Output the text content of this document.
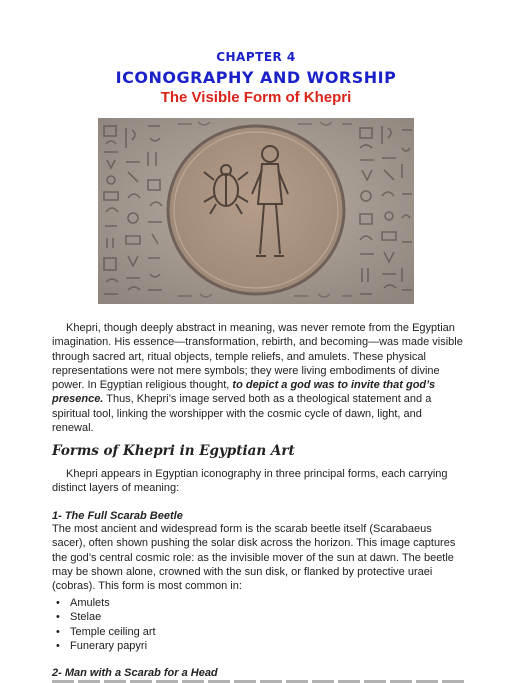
CHAPTER 4
ICONOGRAPHY AND WORSHIP
The Visible Form of Khepri

Khepri, though deeply abstract in meaning, was never remote from the Egyptian imagination. His essence—transformation, rebirth, and becoming—was made visible through sacred art, ritual objects, temple reliefs, and amulets. These physical representations were not mere symbols; they were living embodiments of divine power. In Egyptian religious thought, to depict a god was to invite that god’s presence. Thus, Khepri’s image served both as a theological statement and a spiritual tool, linking the worshipper with the cosmic cycle of dawn, light, and renewal.

Forms of Khepri in Egyptian Art

Khepri appears in Egyptian iconography in three principal forms, each carrying distinct layers of meaning:

1- The Full Scarab Beetle

The most ancient and widespread form is the scarab beetle itself (Scarabaeus sacer), often shown pushing the solar disk across the horizon. This image captures the god’s central cosmic role: as the invisible mover of the sun at dawn. The beetle may be shown alone, crowned with the sun disk, or flanked by protective uraei (cobras). This form is most common in:

• Amulets
• Stelae
• Temple ceiling art
• Funerary papyri
2- Man with a Scarab for a Head
